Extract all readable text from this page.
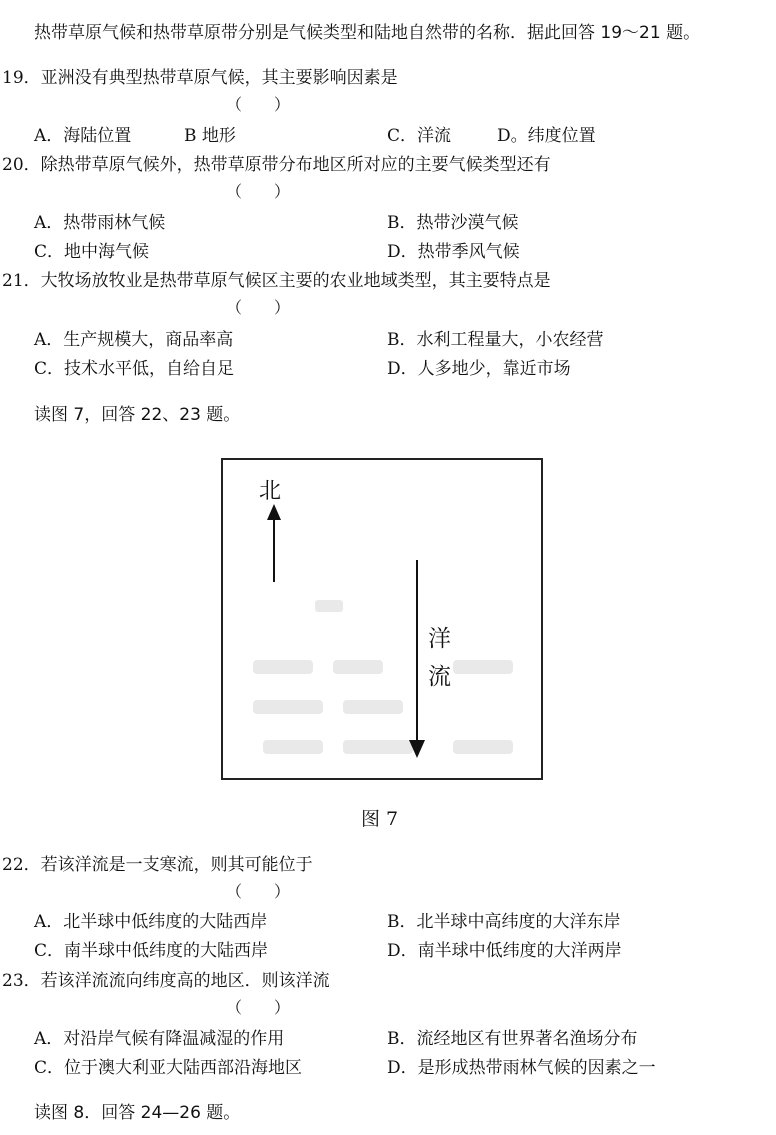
热带草原气候和热带草原带分别是气候类型和陆地自然带的名称．据此回答 19～21 题。
19．亚洲没有典型热带草原气候，其主要影响因素是
（　　）
A．海陆位置	B 地形	C．洋流	D。纬度位置
20．除热带草原气候外，热带草原带分布地区所对应的主要气候类型还有
（　　）
A．热带雨林气候	B．热带沙漠气候
C．地中海气候	D．热带季风气候
21．大牧场放牧业是热带草原气候区主要的农业地域类型，其主要特点是
（　　）
A．生产规模大，商品率高	B．水利工程量大，小农经营
C．技术水平低，自给自足	D．人多地少，靠近市场
读图 7，回答 22、23 题。
北
洋
流
图 7
22．若该洋流是一支寒流，则其可能位于
（　　）
A．北半球中低纬度的大陆西岸	B．北半球中高纬度的大洋东岸
C．南半球中低纬度的大陆西岸	D．南半球中低纬度的大洋两岸
23．若该洋流流向纬度高的地区．则该洋流
（　　）
A．对沿岸气候有降温减湿的作用	B．流经地区有世界著名渔场分布
C．位于澳大利亚大陆西部沿海地区	D．是形成热带雨林气候的因素之一
读图 8．回答 24—26 题。
